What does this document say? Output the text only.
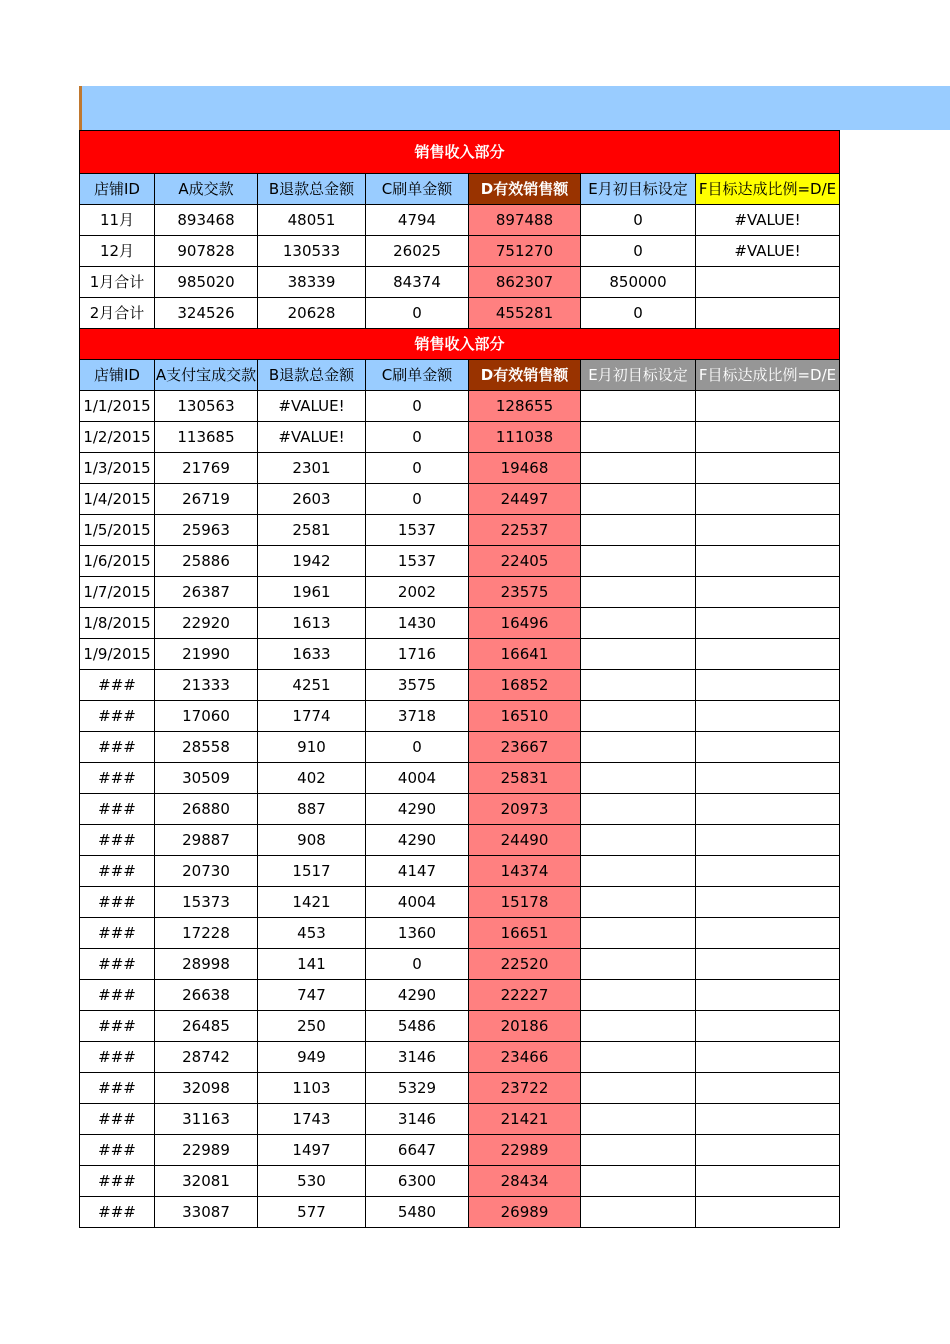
销售收入部分						
店铺ID	A成交款	B退款总金额	C刷单金额	D有效销售额	E月初目标设定	F目标达成比例=D/E
11月	893468	48051	4794	897488	0	#VALUE!
12月	907828	130533	26025	751270	0	#VALUE!
1月合计	985020	38339	84374	862307	850000	
2月合计	324526	20628	0	455281	0	
销售收入部分						
店铺ID	A支付宝成交款	B退款总金额	C刷单金额	D有效销售额	E月初目标设定	F目标达成比例=D/E
1/1/2015	130563	#VALUE!	0	128655		
1/2/2015	113685	#VALUE!	0	111038		
1/3/2015	21769	2301	0	19468		
1/4/2015	26719	2603	0	24497		
1/5/2015	25963	2581	1537	22537		
1/6/2015	25886	1942	1537	22405		
1/7/2015	26387	1961	2002	23575		
1/8/2015	22920	1613	1430	16496		
1/9/2015	21990	1633	1716	16641		
###	21333	4251	3575	16852		
###	17060	1774	3718	16510		
###	28558	910	0	23667		
###	30509	402	4004	25831		
###	26880	887	4290	20973		
###	29887	908	4290	24490		
###	20730	1517	4147	14374		
###	15373	1421	4004	15178		
###	17228	453	1360	16651		
###	28998	141	0	22520		
###	26638	747	4290	22227		
###	26485	250	5486	20186		
###	28742	949	3146	23466		
###	32098	1103	5329	23722		
###	31163	1743	3146	21421		
###	22989	1497	6647	22989		
###	32081	530	6300	28434		
###	33087	577	5480	26989		
